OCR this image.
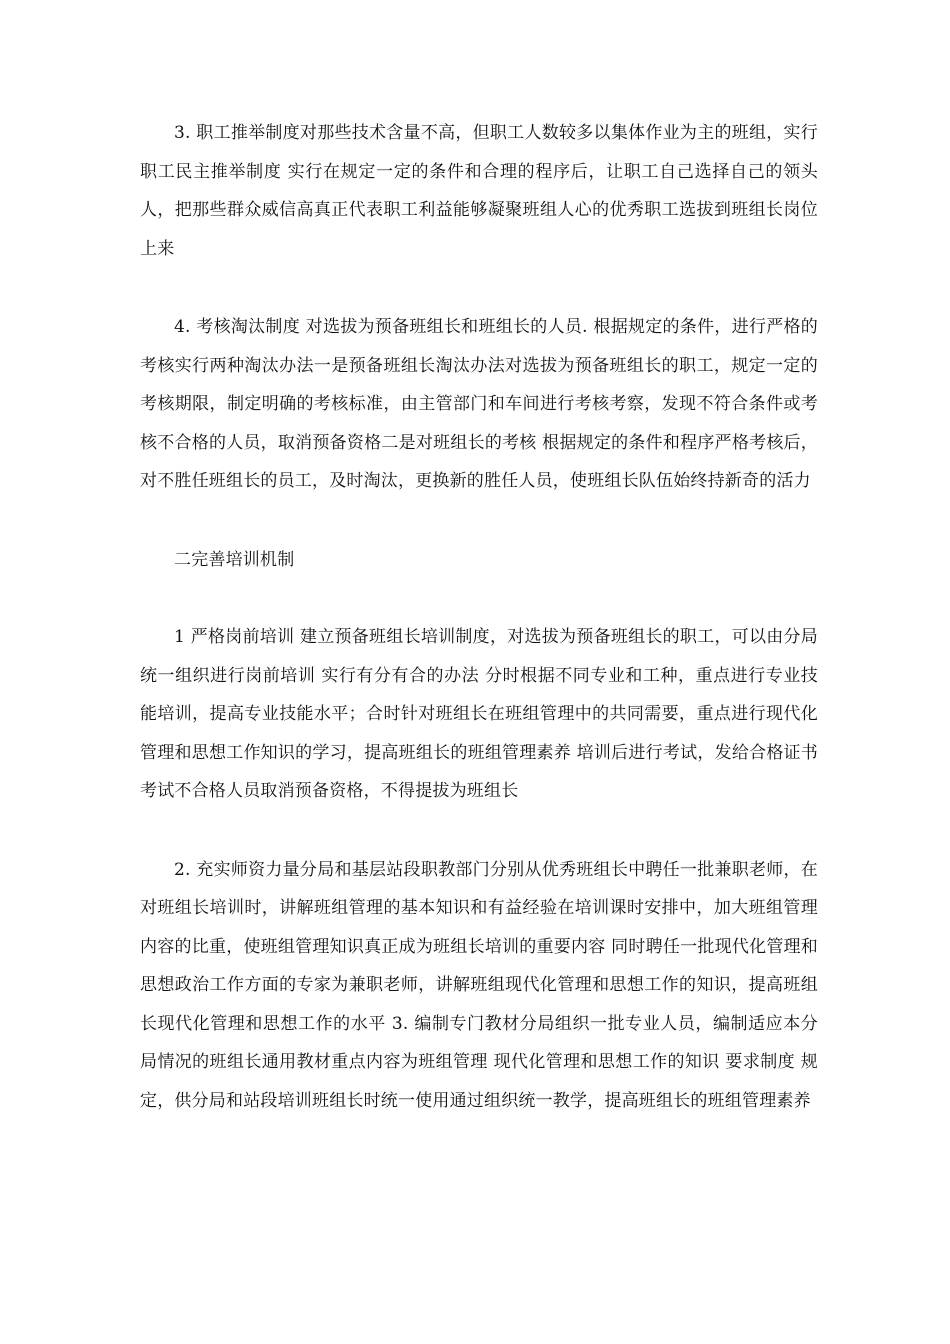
3. 职工推举制度对那些技术含量不高，但职工人数较多以集体作业为主的班组，实行职工民主推举制度 实行在规定一定的条件和合理的程序后，让职工自己选择自己的领头人，把那些群众威信高真正代表职工利益能够凝聚班组人心的优秀职工选拔到班组长岗位上来

4. 考核淘汰制度 对选拔为预备班组长和班组长的人员. 根据规定的条件，进行严格的考核实行两种淘汰办法一是预备班组长淘汰办法对选拔为预备班组长的职工，规定一定的考核期限，制定明确的考核标准，由主管部门和车间进行考核考察，发现不符合条件或考核不合格的人员，取消预备资格二是对班组长的考核 根据规定的条件和程序严格考核后，对不胜任班组长的员工，及时淘汰，更换新的胜任人员，使班组长队伍始终持新奇的活力

二完善培训机制

1 严格岗前培训 建立预备班组长培训制度，对选拔为预备班组长的职工，可以由分局统一组织进行岗前培训 实行有分有合的办法 分时根据不同专业和工种，重点进行专业技能培训，提高专业技能水平；合时针对班组长在班组管理中的共同需要，重点进行现代化管理和思想工作知识的学习，提高班组长的班组管理素养 培训后进行考试，发给合格证书考试不合格人员取消预备资格，不得提拔为班组长

2. 充实师资力量分局和基层站段职教部门分别从优秀班组长中聘任一批兼职老师，在对班组长培训时，讲解班组管理的基本知识和有益经验在培训课时安排中，加大班组管理内容的比重，使班组管理知识真正成为班组长培训的重要内容 同时聘任一批现代化管理和思想政治工作方面的专家为兼职老师，讲解班组现代化管理和思想工作的知识，提高班组长现代化管理和思想工作的水平 3. 编制专门教材分局组织一批专业人员，编制适应本分局情况的班组长通用教材重点内容为班组管理 现代化管理和思想工作的知识 要求制度 规定，供分局和站段培训班组长时统一使用通过组织统一教学，提高班组长的班组管理素养
